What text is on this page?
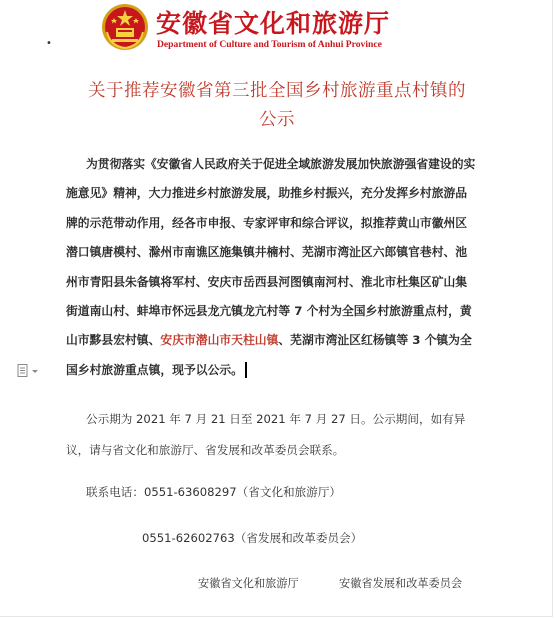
•
安徽省文化和旅游厅
Department of Culture and Tourism of Anhui Province
关于推荐安徽省第三批全国乡村旅游重点村镇的
公示
为贯彻落实《安徽省人民政府关于促进全域旅游发展加快旅游强省建设的实施意见》精神，大力推进乡村旅游发展，助推乡村振兴，充分发挥乡村旅游品牌的示范带动作用，经各市申报、专家评审和综合评议，拟推荐黄山市徽州区潜口镇唐模村、滁州市南谯区施集镇井楠村、芜湖市湾沚区六郎镇官巷村、池州市青阳县朱备镇将军村、安庆市岳西县河图镇南河村、淮北市杜集区矿山集街道南山村、蚌埠市怀远县龙亢镇龙亢村等 7 个村为全国乡村旅游重点村，黄山市黟县宏村镇、安庆市潜山市天柱山镇、芜湖市湾沚区红杨镇等 3 个镇为全国乡村旅游重点镇，现予以公示。
公示期为 2021 年 7 月 21 日至 2021 年 7 月 27 日。公示期间，如有异议，请与省文化和旅游厅、省发展和改革委员会联系。
联系电话：0551-63608297（省文化和旅游厅）
0551-62602763（省发展和改革委员会）
安徽省文化和旅游厅	安徽省发展和改革委员会
